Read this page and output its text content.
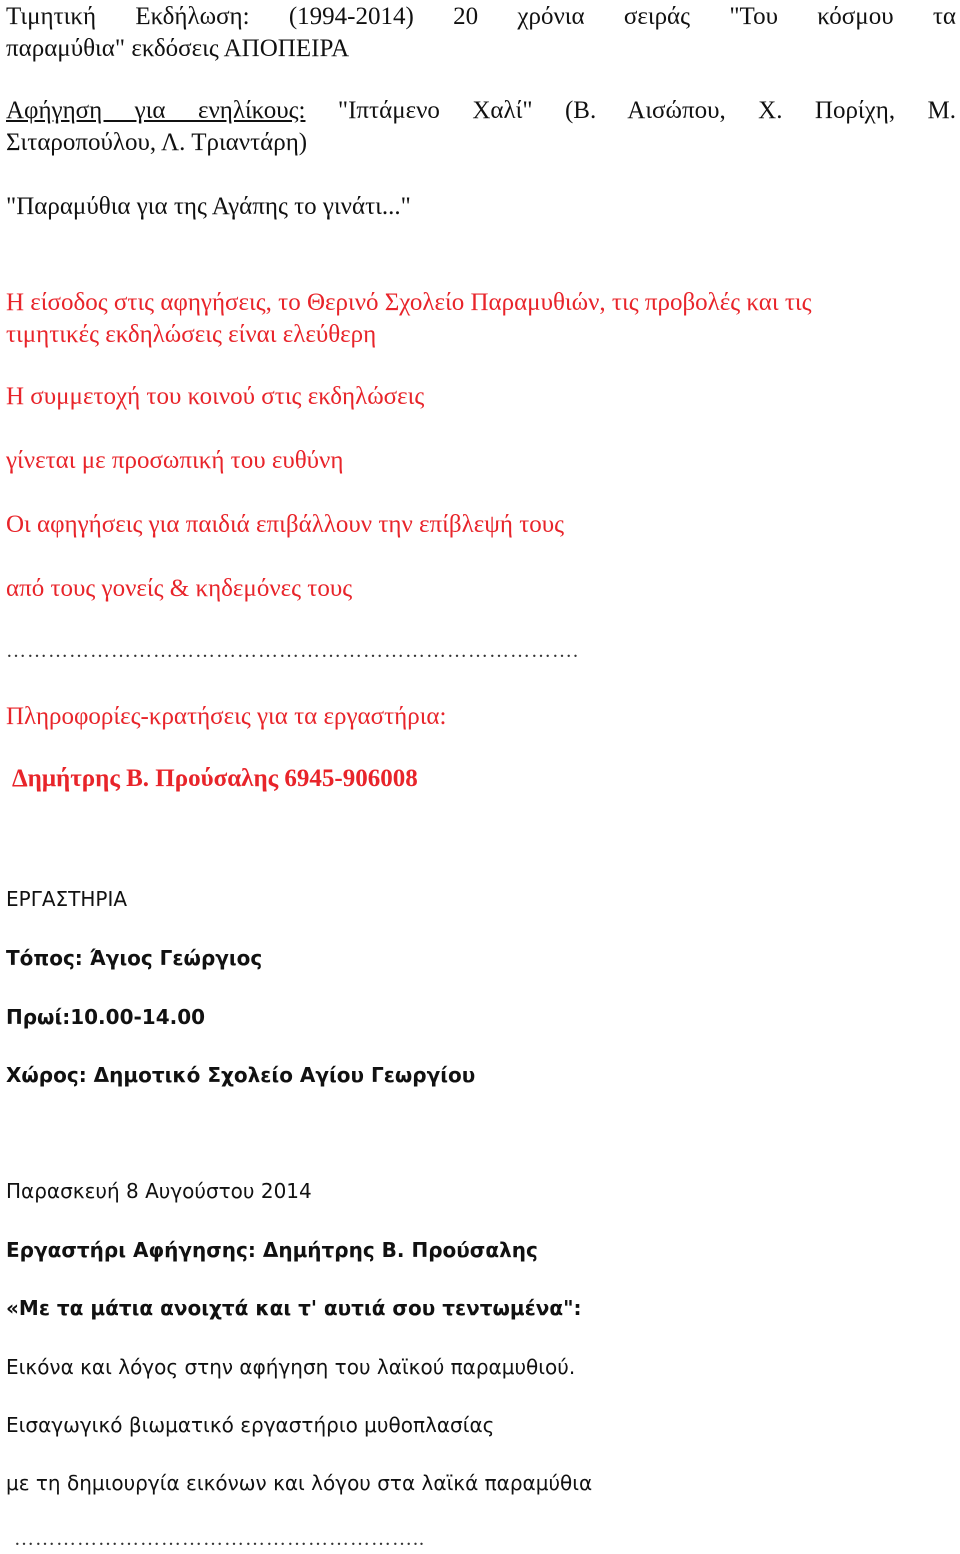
Τιμητική Εκδήλωση: (1994-2014) 20 χρόνια σειράς "Του κόσμου τα
παραμύθια" εκδόσεις ΑΠΟΠΕΙΡΑ
Αφήγηση για ενηλίκους: "Ιπτάμενο Χαλί" (Β. Αισώπου, Χ. Πορίχη, Μ.
Σιταροπούλου, Λ. Τριαντάρη)
"Παραμύθια για της Αγάπης το γινάτι..."
Η είσοδος στις αφηγήσεις, το Θερινό Σχολείο Παραμυθιών, τις προβολές και τις
τιμητικές εκδηλώσεις είναι ελεύθερη
Η συμμετοχή του κοινού στις εκδηλώσεις
γίνεται με προσωπική του ευθύνη
Οι αφηγήσεις για παιδιά επιβάλλουν την επίβλεψή τους
από τους γονείς & κηδεμόνες τους
……………………………………………………………………….
Πληροφορίες-κρατήσεις για τα εργαστήρια:
Δημήτρης Β. Προύσαλης 6945-906008
ΕΡΓΑΣΤΗΡΙΑ
Τόπος: Άγιος Γεώργιος
Πρωί:10.00-14.00
Χώρος: Δημοτικό Σχολείο Αγίου Γεωργίου
Παρασκευή 8 Αυγούστου 2014
Εργαστήρι Αφήγησης: Δημήτρης Β. Προύσαλης
«Με τα μάτια ανοιχτά και τ' αυτιά σου τεντωμένα":
Εικόνα και λόγος στην αφήγηση του λαϊκού παραμυθιού.
Εισαγωγικό βιωματικό εργαστήριο μυθοπλασίας
με τη δημιουργία εικόνων και λόγου στα λαϊκά παραμύθια
…………………………………………………..
